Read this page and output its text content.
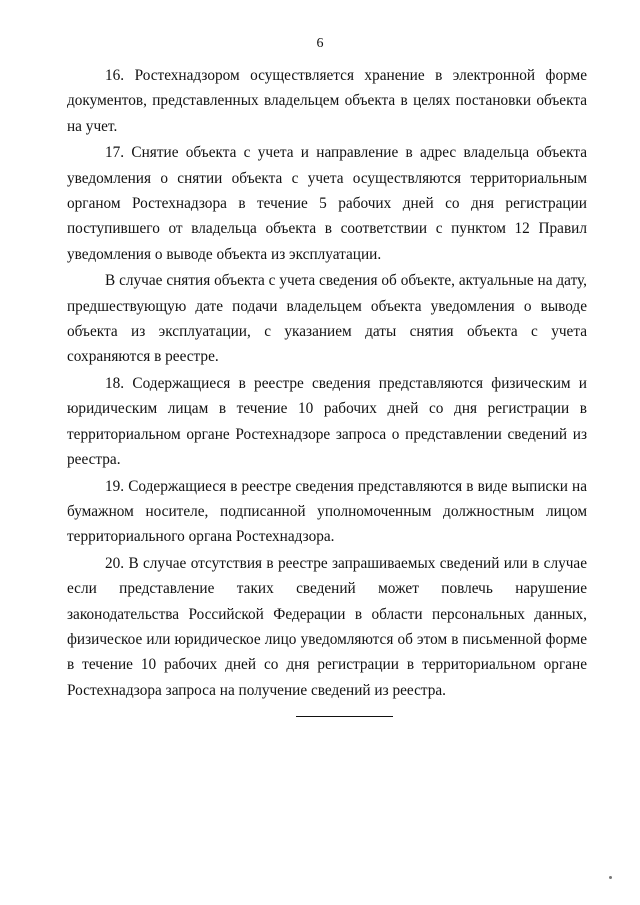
6

16. Ростехнадзором осуществляется хранение в электронной форме документов, представленных владельцем объекта в целях постановки объекта на учет.

17. Снятие объекта с учета и направление в адрес владельца объекта уведомления о снятии объекта с учета осуществляются территориальным органом Ростехнадзора в течение 5 рабочих дней со дня регистрации поступившего от владельца объекта в соответствии с пунктом 12 Правил уведомления о выводе объекта из эксплуатации.

В случае снятия объекта с учета сведения об объекте, актуальные на дату, предшествующую дате подачи владельцем объекта уведомления о выводе объекта из эксплуатации, с указанием даты снятия объекта с учета сохраняются в реестре.

18. Содержащиеся в реестре сведения представляются физическим и юридическим лицам в течение 10 рабочих дней со дня регистрации в территориальном органе Ростехнадзоре запроса о представлении сведений из реестра.

19. Содержащиеся в реестре сведения представляются в виде выписки на бумажном носителе, подписанной уполномоченным должностным лицом территориального органа Ростехнадзора.

20. В случае отсутствия в реестре запрашиваемых сведений или в случае если представление таких сведений может повлечь нарушение законодательства Российской Федерации в области персональных данных, физическое или юридическое лицо уведомляются об этом в письменной форме в течение 10 рабочих дней со дня регистрации в территориальном органе Ростехнадзора запроса на получение сведений из реестра.
